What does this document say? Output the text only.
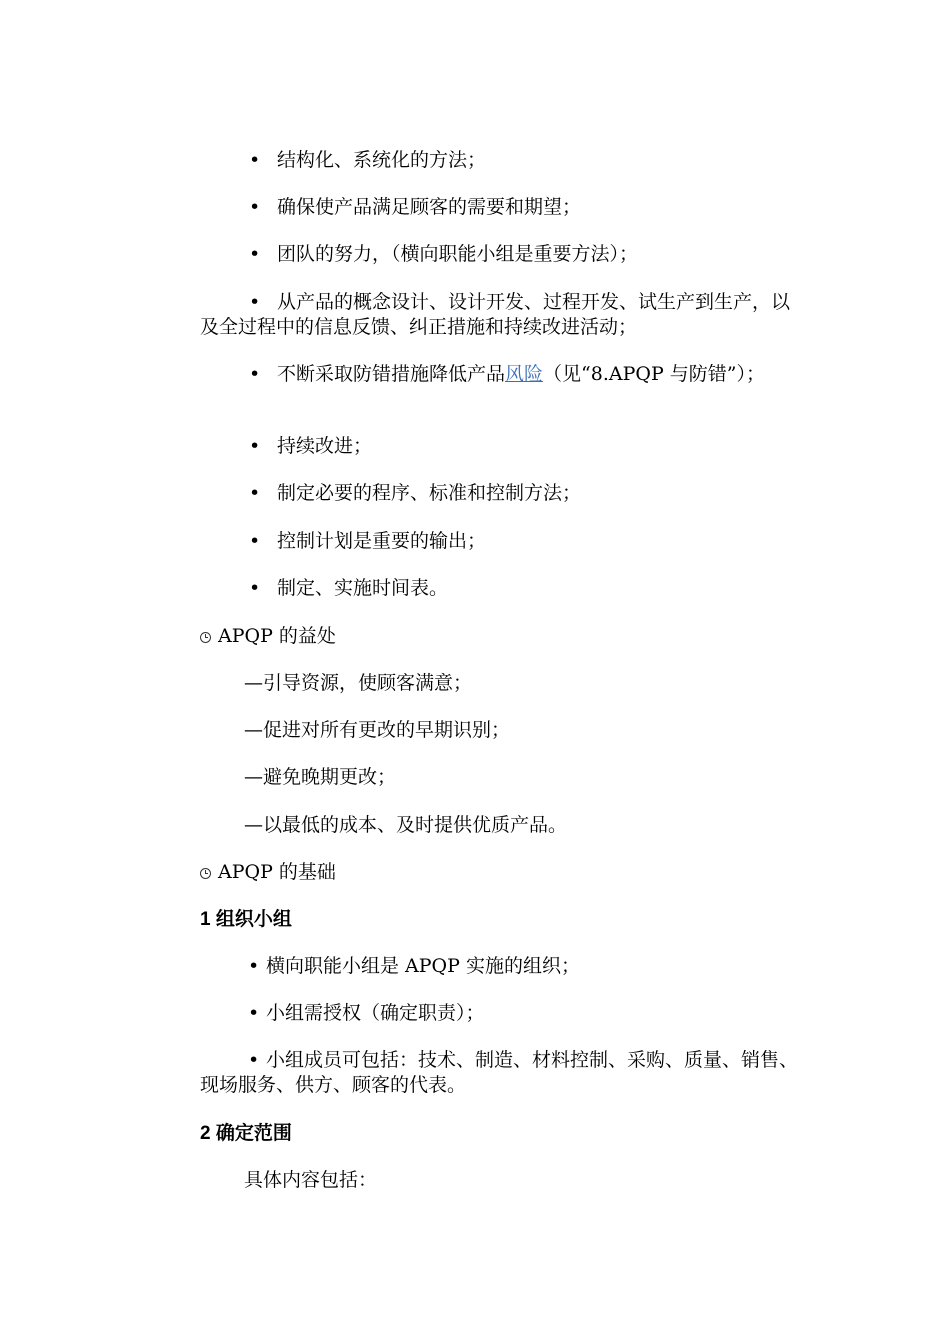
• 结构化、系统化的方法；

• 确保使产品满足顾客的需要和期望；

• 团队的努力，（横向职能小组是重要方法）；

• 从产品的概念设计、设计开发、过程开发、试生产到生产，以及全过程中的信息反馈、纠正措施和持续改进活动；

• 不断采取防错措施降低产品风险（见“8.APQP 与防错”）；

• 持续改进；

• 制定必要的程序、标准和控制方法；

• 控制计划是重要的输出；

• 制定、实施时间表。

APQP 的益处

—引导资源，使顾客满意；

—促进对所有更改的早期识别；

—避免晚期更改；

—以最低的成本、及时提供优质产品。

APQP 的基础

1 组织小组

• 横向职能小组是 APQP 实施的组织；

• 小组需授权（确定职责）；

• 小组成员可包括：技术、制造、材料控制、采购、质量、销售、现场服务、供方、顾客的代表。

2 确定范围

具体内容包括：
